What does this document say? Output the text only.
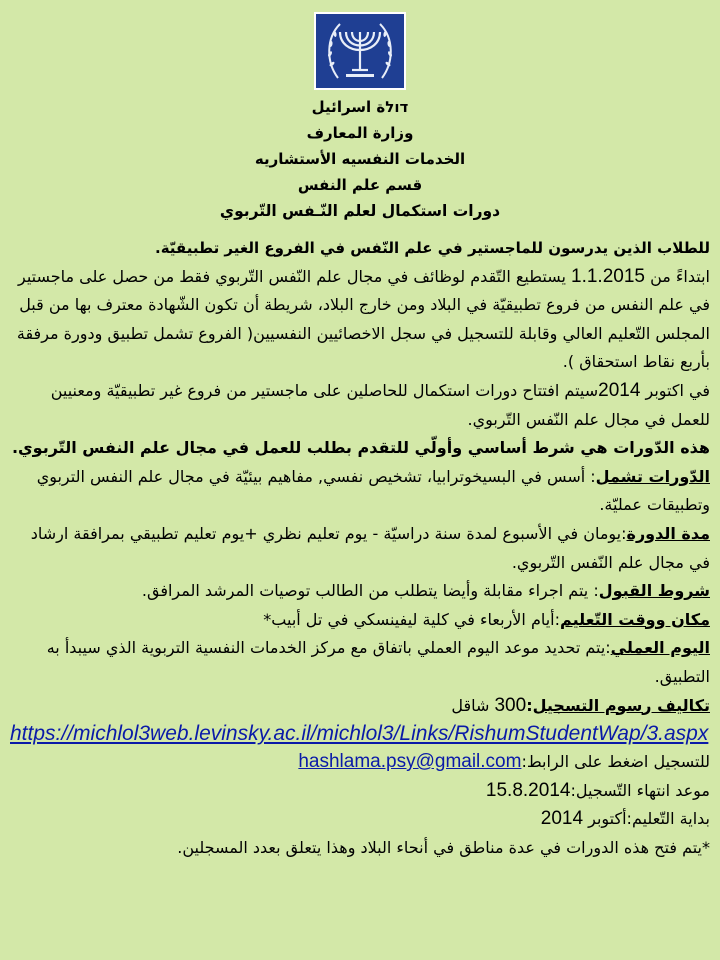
דולة اسرائيل
وزارة المعارف
الخدمات النفسيه الأستشاريه
قسم علم النفس
دورات استكمال لعلم النّـفس التّربوي

للطلاب الذين يدرسون للماجستير في علم النّفس في الفروع الغير تطبيقيّة.

ابتداءً من 1.1.2015 يستطيع التّقدم لوظائف في مجال علم النّفس التّربوي فقط من حصل على ماجستير في علم النفس من فروع تطبيقيّة في البلاد ومن خارج البلاد، شريطة أن تكون الشّهادة معترف بها من قبل المجلس التّعليم العالي وقابلة للتسجيل في سجل الاخصائيين النفسيين( الفروع تشمل تطبيق ودورة مرفقة بأربع نقاط استحقاق ).

في اكتوبر 2014سيتم افتتاح دورات استكمال للحاصلين على ماجستير من فروع غير تطبيقيّة ومعنيين للعمل في مجال علم النّفس التّربوي.

هذه الدّورات هي شرط أساسي وأولّي للتقدم بطلب للعمل في مجال علم النفس التّربوي.

الدّورات تشمل: أسس في البسيخوترابيا، تشخيص نفسي, مفاهيم بيئيّة في مجال علم النفس التربوي وتطبيقات عمليّة.

مدة الدورة:يومان في الأسبوع لمدة سنة دراسيّة - يوم تعليم نظري +يوم تعليم تطبيقي بمرافقة ارشاد في مجال علم النّفس التّربوي.

شروط القبول: يتم اجراء مقابلة وأيضا يتطلب من الطالب توصيات المرشد المرافق.

مكان ووقت التّعليم:أيام الأربعاء في كلية ليفينسكي في تل أبيب*

اليوم العملي:يتم تحديد موعد اليوم العملي باتفاق مع مركز الخدمات النفسية التربوية الذي سيبدأ به التطبيق.

تكاليف رسوم التسجيل:300 شاقل

https://michlol3web.levinsky.ac.il/michlol3/Links/RishumStudentWap/3.aspx

للتسجيل اضغط على الرابط:hashlama.psy@gmail.com

موعد انتهاء التّسجيل:15.8.2014

بداية التّعليم:أكتوبر 2014

*يتم فتح هذه الدورات في عدة مناطق في أنحاء البلاد وهذا يتعلق بعدد المسجلين.
